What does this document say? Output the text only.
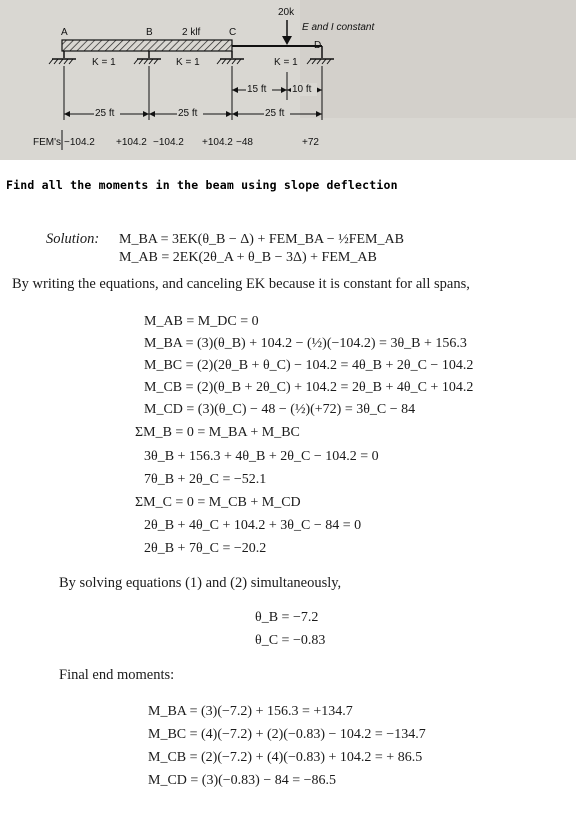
A	B	C
D
2 klf
20k
E and I constant
K = 1	K = 1	K = 1
25 ft	25 ft	25 ft
15 ft	10 ft
FEM's −104.2 +104.2 −104.2 +104.2 −48	+72
Find all the moments in the beam using slope deflection
Solution: M_BA = 3EK(θ_B − Δ) + FEM_BA − ½FEM_AB
M_AB = 2EK(2θ_A + θ_B − 3Δ) + FEM_AB
By writing the equations, and canceling EK because it is constant for all spans,
M_AB = M_DC = 0
M_BA = (3)(θ_B) + 104.2 − (½)(−104.2) = 3θ_B + 156.3
M_BC = (2)(2θ_B + θ_C) − 104.2 = 4θ_B + 2θ_C − 104.2
M_CB = (2)(θ_B + 2θ_C) + 104.2 = 2θ_B + 4θ_C + 104.2
M_CD = (3)(θ_C) − 48 − (½)(+72) = 3θ_C − 84
ΣM_B = 0 = M_BA + M_BC
3θ_B + 156.3 + 4θ_B + 2θ_C − 104.2 = 0
7θ_B + 2θ_C = −52.1
ΣM_C = 0 = M_CB + M_CD
2θ_B + 4θ_C + 104.2 + 3θ_C − 84 = 0
2θ_B + 7θ_C = −20.2
By solving equations (1) and (2) simultaneously,
θ_B = −7.2
θ_C = −0.83
Final end moments:
M_BA = (3)(−7.2) + 156.3 = +134.7
M_BC = (4)(−7.2) + (2)(−0.83) − 104.2 = −134.7
M_CB = (2)(−7.2) + (4)(−0.83) + 104.2 = + 86.5
M_CD = (3)(−0.83) − 84 = −86.5
